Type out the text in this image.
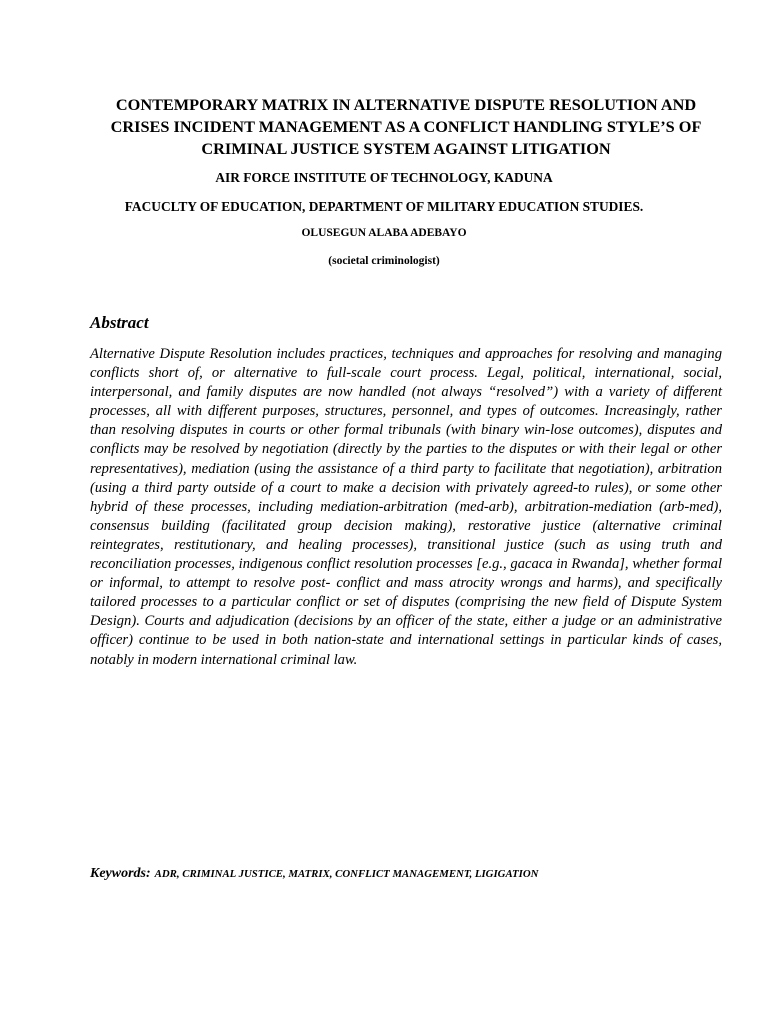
CONTEMPORARY MATRIX IN ALTERNATIVE DISPUTE RESOLUTION AND CRISES INCIDENT MANAGEMENT AS A CONFLICT HANDLING STYLE’S OF CRIMINAL JUSTICE SYSTEM AGAINST LITIGATION

AIR FORCE INSTITUTE OF TECHNOLOGY, KADUNA

FACUCLTY OF EDUCATION, DEPARTMENT OF MILITARY EDUCATION STUDIES.

OLUSEGUN ALABA ADEBAYO

(societal criminologist)

Abstract

Alternative Dispute Resolution includes practices, techniques and approaches for resolving and managing conflicts short of, or alternative to full-scale court process. Legal, political, international, social, interpersonal, and family disputes are now handled (not always “resolved”) with a variety of different processes, all with different purposes, structures, personnel, and types of outcomes. Increasingly, rather than resolving disputes in courts or other formal tribunals (with binary win-lose outcomes), disputes and conflicts may be resolved by negotiation (directly by the parties to the disputes or with their legal or other representatives), mediation (using the assistance of a third party to facilitate that negotiation), arbitration (using a third party outside of a court to make a decision with privately agreed-to rules), or some other hybrid of these processes, including mediation-arbitration (med-arb), arbitration-mediation (arb-med), consensus building (facilitated group decision making), restorative justice (alternative criminal reintegrates, restitutionary, and healing processes), transitional justice (such as using truth and reconciliation processes, indigenous conflict resolution processes [e.g., gacaca in Rwanda], whether formal or informal, to attempt to resolve post- conflict and mass atrocity wrongs and harms), and specifically tailored processes to a particular conflict or set of disputes (comprising the new field of Dispute System Design). Courts and adjudication (decisions by an officer of the state, either a judge or an administrative officer) continue to be used in both nation-state and international settings in particular kinds of cases, notably in modern international criminal law.

Keywords: ADR, CRIMINAL JUSTICE, MATRIX, CONFLICT MANAGEMENT, LIGIGATION
